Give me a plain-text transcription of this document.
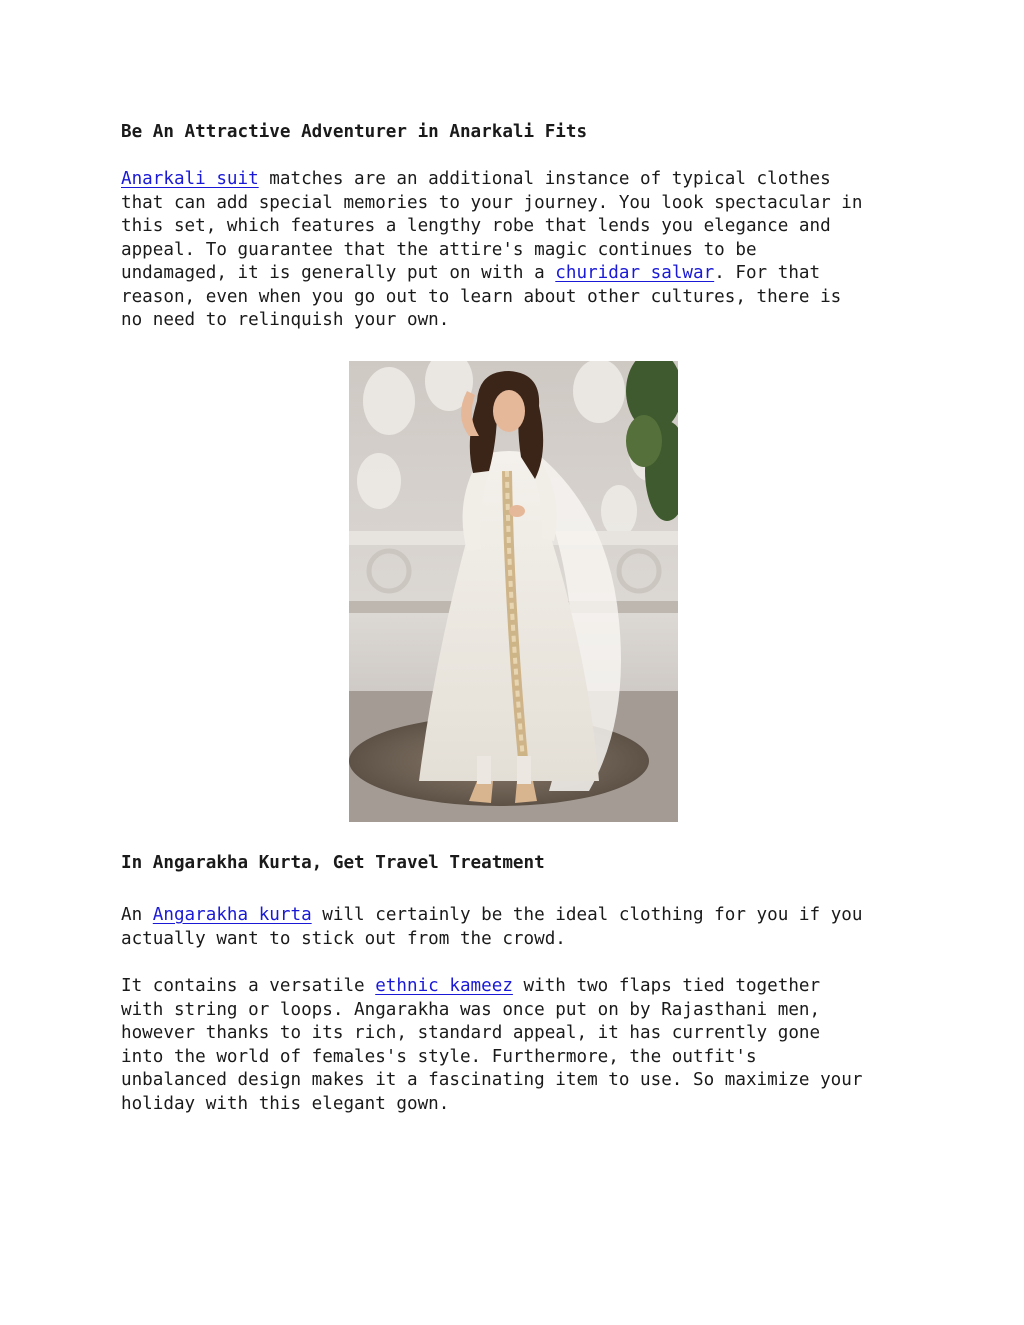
Be An Attractive Adventurer in Anarkali Fits

Anarkali suit matches are an additional instance of typical clothes
that can add special memories to your journey. You look spectacular in
this set, which features a lengthy robe that lends you elegance and
appeal. To guarantee that the attire's magic continues to be
undamaged, it is generally put on with a churidar salwar. For that
reason, even when you go out to learn about other cultures, there is
no need to relinquish your own.

In Angarakha Kurta, Get Travel Treatment

An Angarakha kurta will certainly be the ideal clothing for you if you
actually want to stick out from the crowd.

It contains a versatile ethnic kameez with two flaps tied together
with string or loops. Angarakha was once put on by Rajasthani men,
however thanks to its rich, standard appeal, it has currently gone
into the world of females's style. Furthermore, the outfit's
unbalanced design makes it a fascinating item to use. So maximize your
holiday with this elegant gown.
